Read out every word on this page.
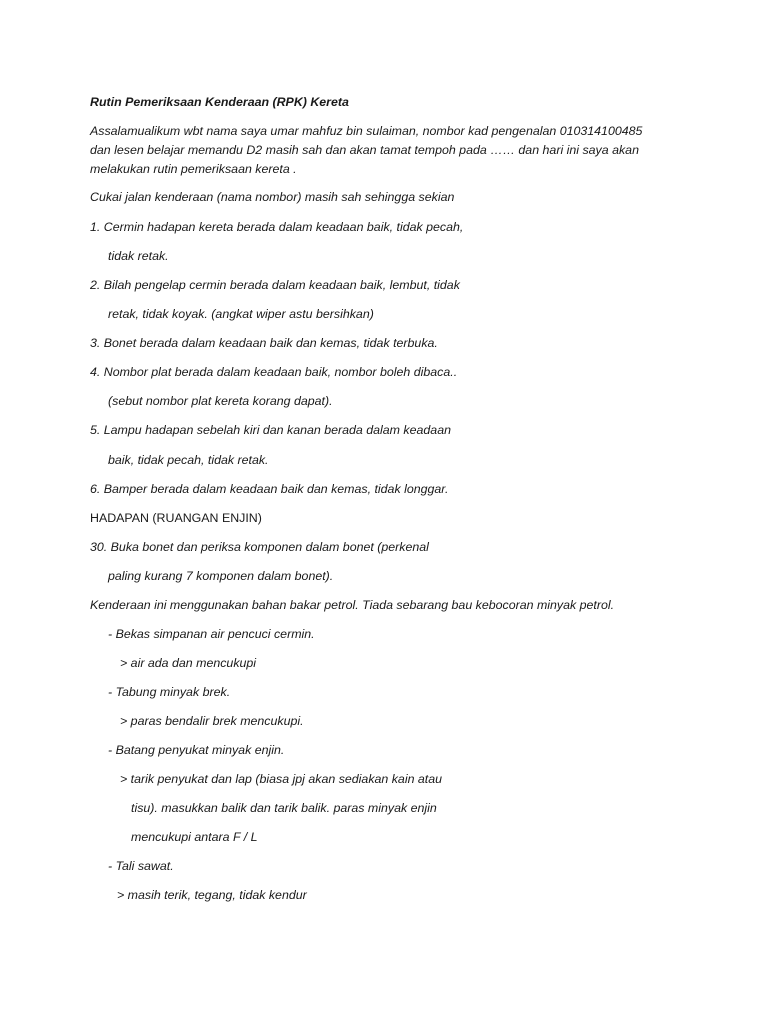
Rutin Pemeriksaan Kenderaan (RPK) Kereta
Assalamualikum wbt nama saya umar mahfuz bin sulaiman, nombor kad pengenalan 010314100485
dan lesen belajar memandu D2 masih sah dan akan tamat tempoh pada …… dan hari ini saya akan
melakukan rutin pemeriksaan kereta .
Cukai jalan kenderaan (nama nombor) masih sah sehingga sekian
1. Cermin hadapan kereta berada dalam keadaan baik, tidak pecah,
tidak retak.
2. Bilah pengelap cermin berada dalam keadaan baik, lembut, tidak
retak, tidak koyak. (angkat wiper astu bersihkan)
3. Bonet berada dalam keadaan baik dan kemas, tidak terbuka.
4. Nombor plat berada dalam keadaan baik, nombor boleh dibaca..
(sebut nombor plat kereta korang dapat).
5. Lampu hadapan sebelah kiri dan kanan berada dalam keadaan
baik, tidak pecah, tidak retak.
6. Bamper berada dalam keadaan baik dan kemas, tidak longgar.
HADAPAN (RUANGAN ENJIN)
30. Buka bonet dan periksa komponen dalam bonet (perkenal
paling kurang 7 komponen dalam bonet).
Kenderaan ini menggunakan bahan bakar petrol. Tiada sebarang bau kebocoran minyak petrol.
- Bekas simpanan air pencuci cermin.
> air ada dan mencukupi
- Tabung minyak brek.
> paras bendalir brek mencukupi.
- Batang penyukat minyak enjin.
> tarik penyukat dan lap (biasa jpj akan sediakan kain atau
tisu). masukkan balik dan tarik balik. paras minyak enjin
mencukupi antara F / L
- Tali sawat.
> masih terik, tegang, tidak kendur
